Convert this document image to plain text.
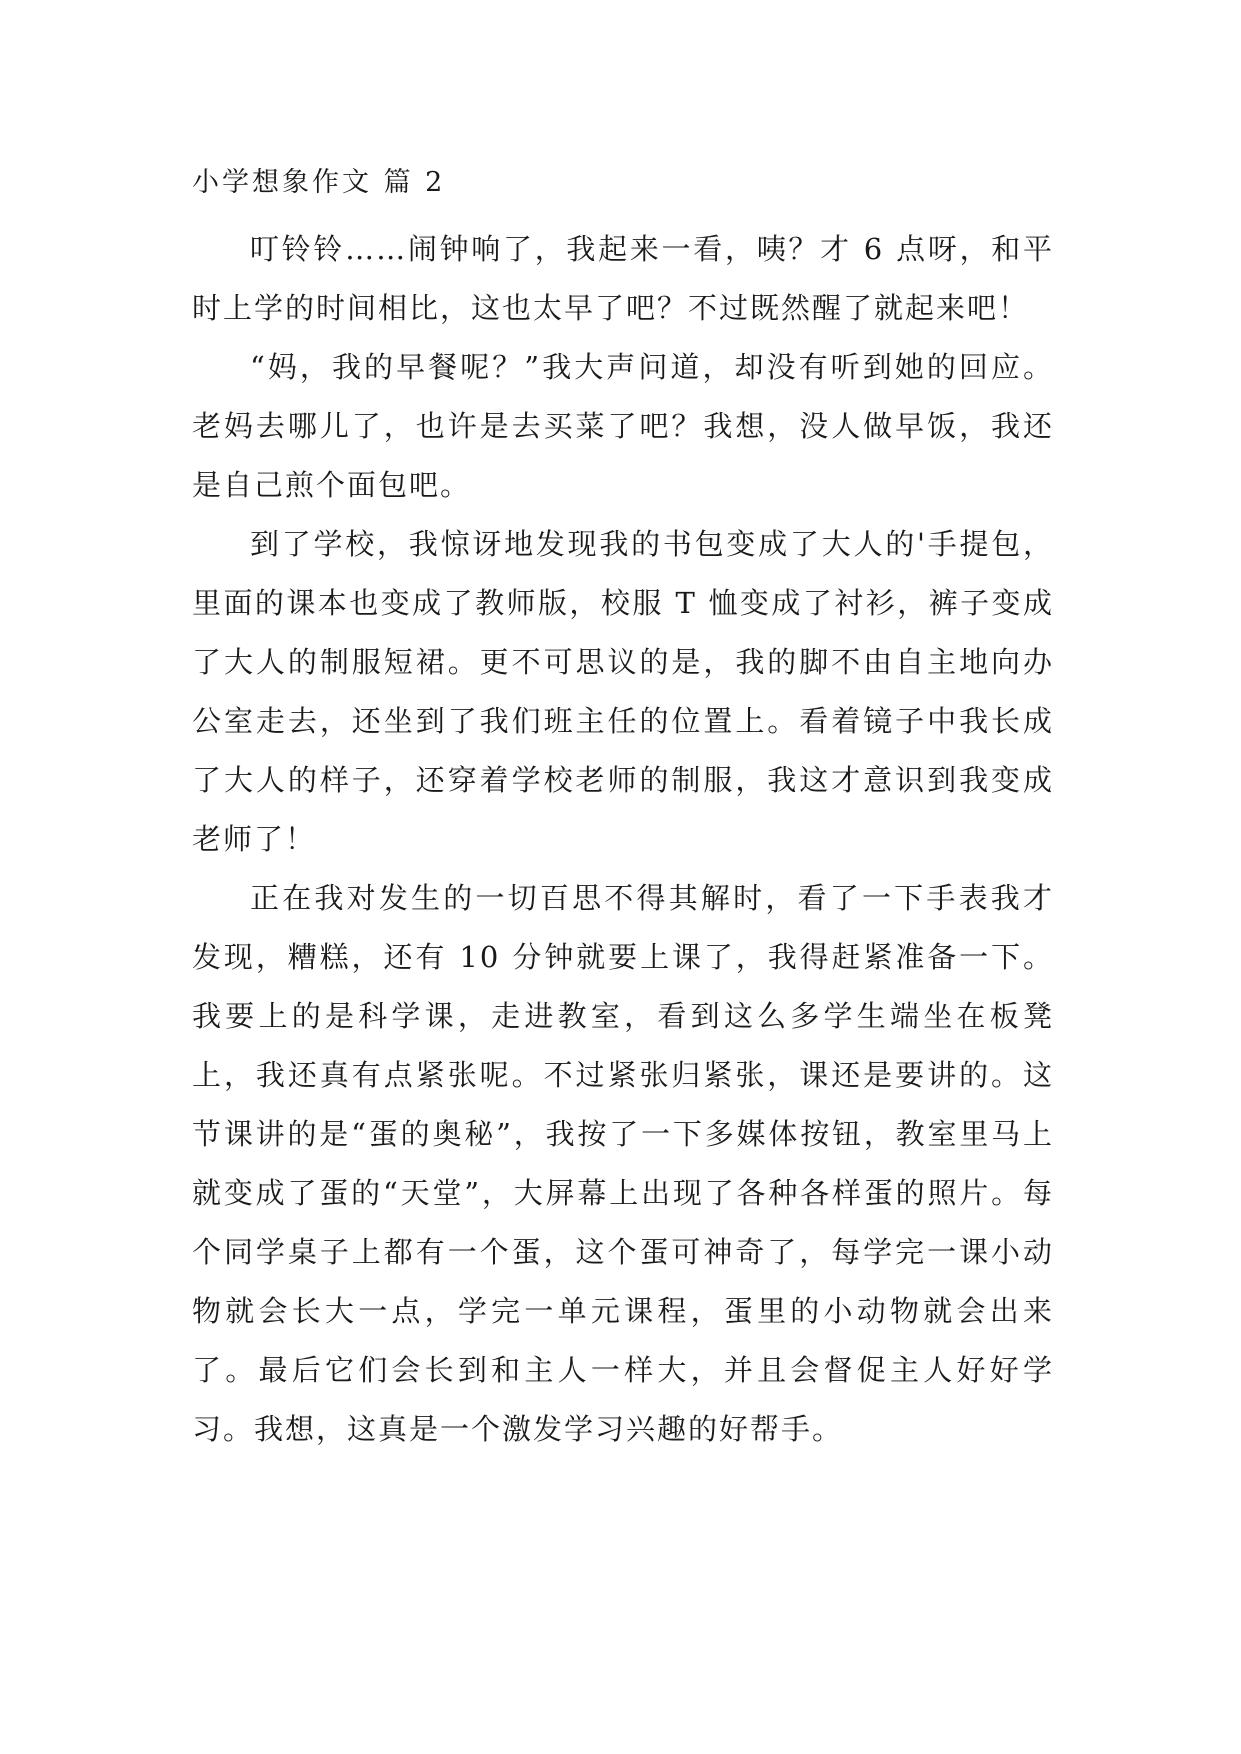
小学想象作文 篇 2

叮铃铃……闹钟响了，我起来一看，咦？才 6 点呀，和平时上学的时间相比，这也太早了吧？不过既然醒了就起来吧！

“妈，我的早餐呢？”我大声问道，却没有听到她的回应。老妈去哪儿了，也许是去买菜了吧？我想，没人做早饭，我还是自己煎个面包吧。

到了学校，我惊讶地发现我的书包变成了大人的'手提包，里面的课本也变成了教师版，校服 T 恤变成了衬衫，裤子变成了大人的制服短裙。更不可思议的是，我的脚不由自主地向办公室走去，还坐到了我们班主任的位置上。看着镜子中我长成了大人的样子，还穿着学校老师的制服，我这才意识到我变成老师了！

正在我对发生的一切百思不得其解时，看了一下手表我才发现，糟糕，还有 10 分钟就要上课了，我得赶紧准备一下。我要上的是科学课，走进教室，看到这么多学生端坐在板凳上，我还真有点紧张呢。不过紧张归紧张，课还是要讲的。这节课讲的是“蛋的奥秘”，我按了一下多媒体按钮，教室里马上就变成了蛋的“天堂”，大屏幕上出现了各种各样蛋的照片。每个同学桌子上都有一个蛋，这个蛋可神奇了，每学完一课小动物就会长大一点，学完一单元课程，蛋里的小动物就会出来了。最后它们会长到和主人一样大，并且会督促主人好好学习。我想，这真是一个激发学习兴趣的好帮手。
